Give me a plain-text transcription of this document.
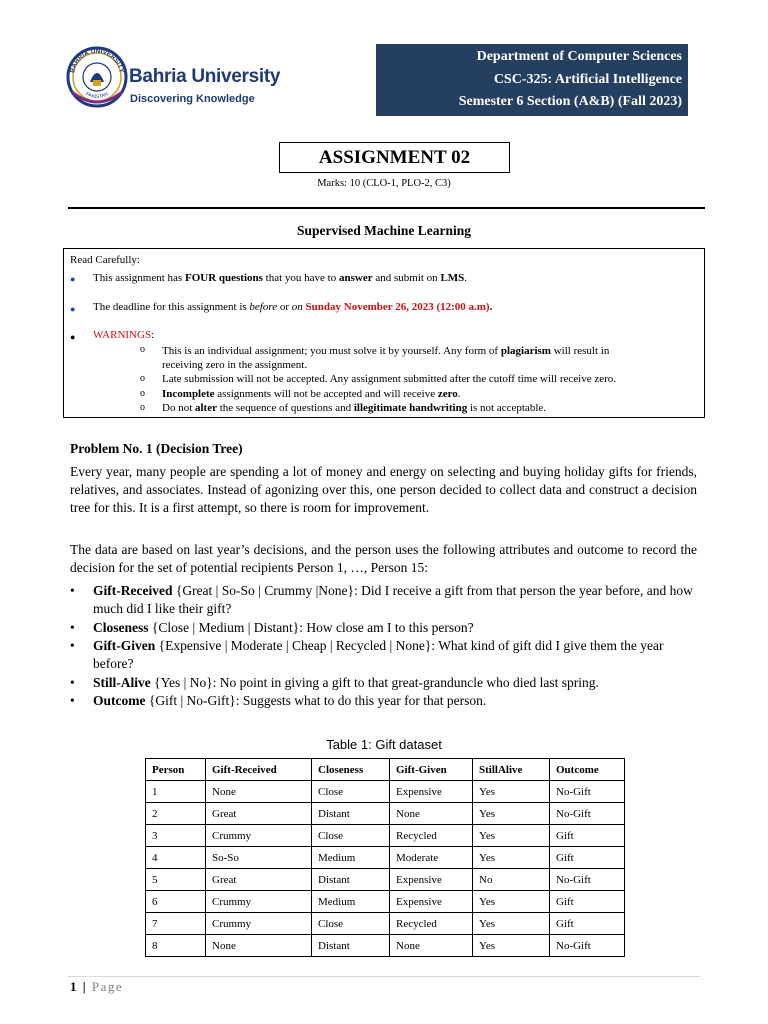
BAHRIA UNIVERSITY
PAKISTAN
Bahria University
Discovering Knowledge
Department of Computer Sciences
CSC-325: Artificial Intelligence
Semester 6 Section (A&B) (Fall 2023)
ASSIGNMENT 02
Marks: 10 (CLO-1, PLO-2, C3)
Supervised Machine Learning
Read Carefully:
● This assignment has FOUR questions that you have to answer and submit on LMS.
● The deadline for this assignment is before or on Sunday November 26, 2023 (12:00 a.m).
● WARNINGS:
o This is an individual assignment; you must solve it by yourself. Any form of plagiarism will result in
receiving zero in the assignment.
o Late submission will not be accepted. Any assignment submitted after the cutoff time will receive zero.
o Incomplete assignments will not be accepted and will receive zero.
o Do not alter the sequence of questions and illegitimate handwriting is not acceptable.
Problem No. 1 (Decision Tree)
Every year, many people are spending a lot of money and energy on selecting and buying holiday gifts for friends, relatives, and associates. Instead of agonizing over this, one person decided to collect data and construct a decision tree for this. It is a first attempt, so there is room for improvement.
The data are based on last year’s decisions, and the person uses the following attributes and outcome to record the decision for the set of potential recipients Person 1, …, Person 15:
• Gift-Received {Great | So-So | Crummy |None}: Did I receive a gift from that person the year before, and how much did I like their gift?
• Closeness {Close | Medium | Distant}: How close am I to this person?
• Gift-Given {Expensive | Moderate | Cheap | Recycled | None}: What kind of gift did I give them the year before?
• Still-Alive {Yes | No}: No point in giving a gift to that great-granduncle who died last spring.
• Outcome {Gift | No-Gift}: Suggests what to do this year for that person.
Table 1: Gift dataset
Person	Gift-Received	Closeness	Gift-Given	StillAlive	Outcome
1	None	Close	Expensive	Yes	No-Gift
2	Great	Distant	None	Yes	No-Gift
3	Crummy	Close	Recycled	Yes	Gift
4	So-So	Medium	Moderate	Yes	Gift
5	Great	Distant	Expensive	No	No-Gift
6	Crummy	Medium	Expensive	Yes	Gift
7	Crummy	Close	Recycled	Yes	Gift
8	None	Distant	None	Yes	No-Gift
1 | Page
